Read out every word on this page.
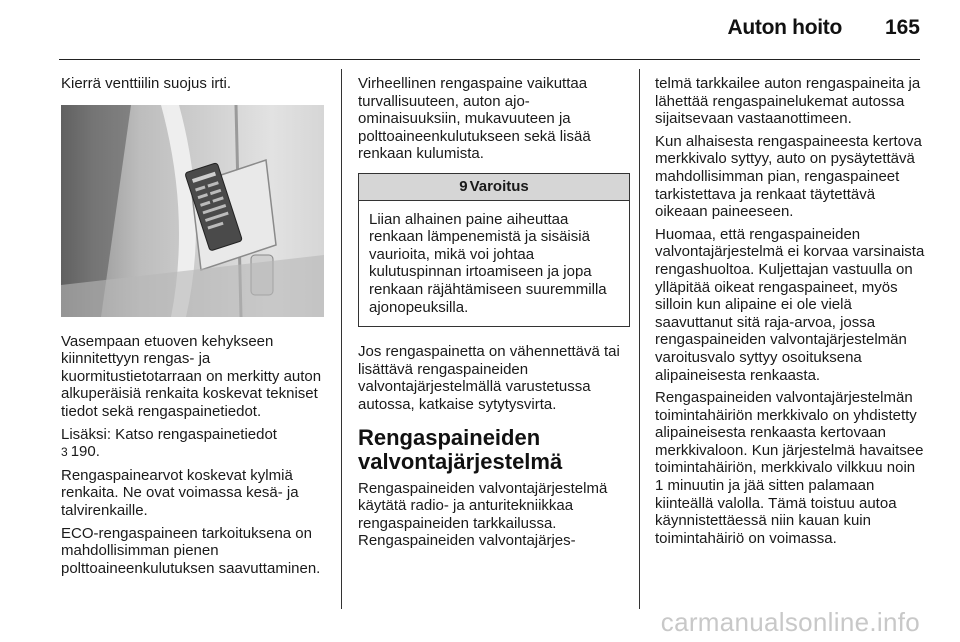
Auton hoito 165

Kierrä venttiilin suojus irti.

Vasempaan etuoven kehykseen kiinnitettyyn rengas- ja kuormitustietotarraan on merkitty auton alkuperäisiä renkaita koskevat tekniset tiedot sekä rengaspainetiedot.

Lisäksi: Katso rengaspainetiedot
3 190.

Rengaspainearvot koskevat kylmiä renkaita. Ne ovat voimassa kesä- ja talvirenkaille.

ECO-rengaspaineen tarkoituksena on mahdollisimman pienen polttoaineenkulutuksen saavuttaminen.

Virheellinen rengaspaine vaikuttaa turvallisuuteen, auton ajo-ominaisuuksiin, mukavuuteen ja polttoaineenkulutukseen sekä lisää renkaan kulumista.

9 Varoitus
Liian alhainen paine aiheuttaa renkaan lämpenemistä ja sisäisiä vaurioita, mikä voi johtaa kulutuspinnan irtoamiseen ja jopa renkaan räjähtämiseen suuremmilla ajonopeuksilla.

Jos rengaspainetta on vähennettävä tai lisättävä rengaspaineiden valvontajärjestelmällä varustetussa autossa, katkaise sytytysvirta.

Rengaspaineiden valvontajärjestelmä

Rengaspaineiden valvontajärjestelmä käytätä radio- ja anturitekniikkaa rengaspaineiden tarkkailussa. Rengaspaineiden valvontajärjes-

telmä tarkkailee auton rengaspaineita ja lähettää rengaspainelukemat autossa sijaitsevaan vastaanottimeen.

Kun alhaisesta rengaspaineesta kertova merkkivalo syttyy, auto on pysäytettävä mahdollisimman pian, rengaspaineet tarkistettava ja renkaat täytettävä oikeaan paineeseen.

Huomaa, että rengaspaineiden valvontajärjestelmä ei korvaa varsinaista rengashuoltoa. Kuljettajan vastuulla on ylläpitää oikeat rengaspaineet, myös silloin kun alipaine ei ole vielä saavuttanut sitä raja-arvoa, jossa rengaspaineiden valvontajärjestelmän varoitusvalo syttyy osoituksena alipaineisesta renkaasta.

Rengaspaineiden valvontajärjestelmän toimintahäiriön merkkivalo on yhdistetty alipaineisesta renkaasta kertovaan merkkivaloon. Kun järjestelmä havaitsee toimintahäiriön, merkkivalo vilkkuu noin 1 minuutin ja jää sitten palamaan kiinteällä valolla. Tämä toistuu autoa käynnistettäessä niin kauan kuin toimintahäiriö on voimassa.

carmanualsonline.info
